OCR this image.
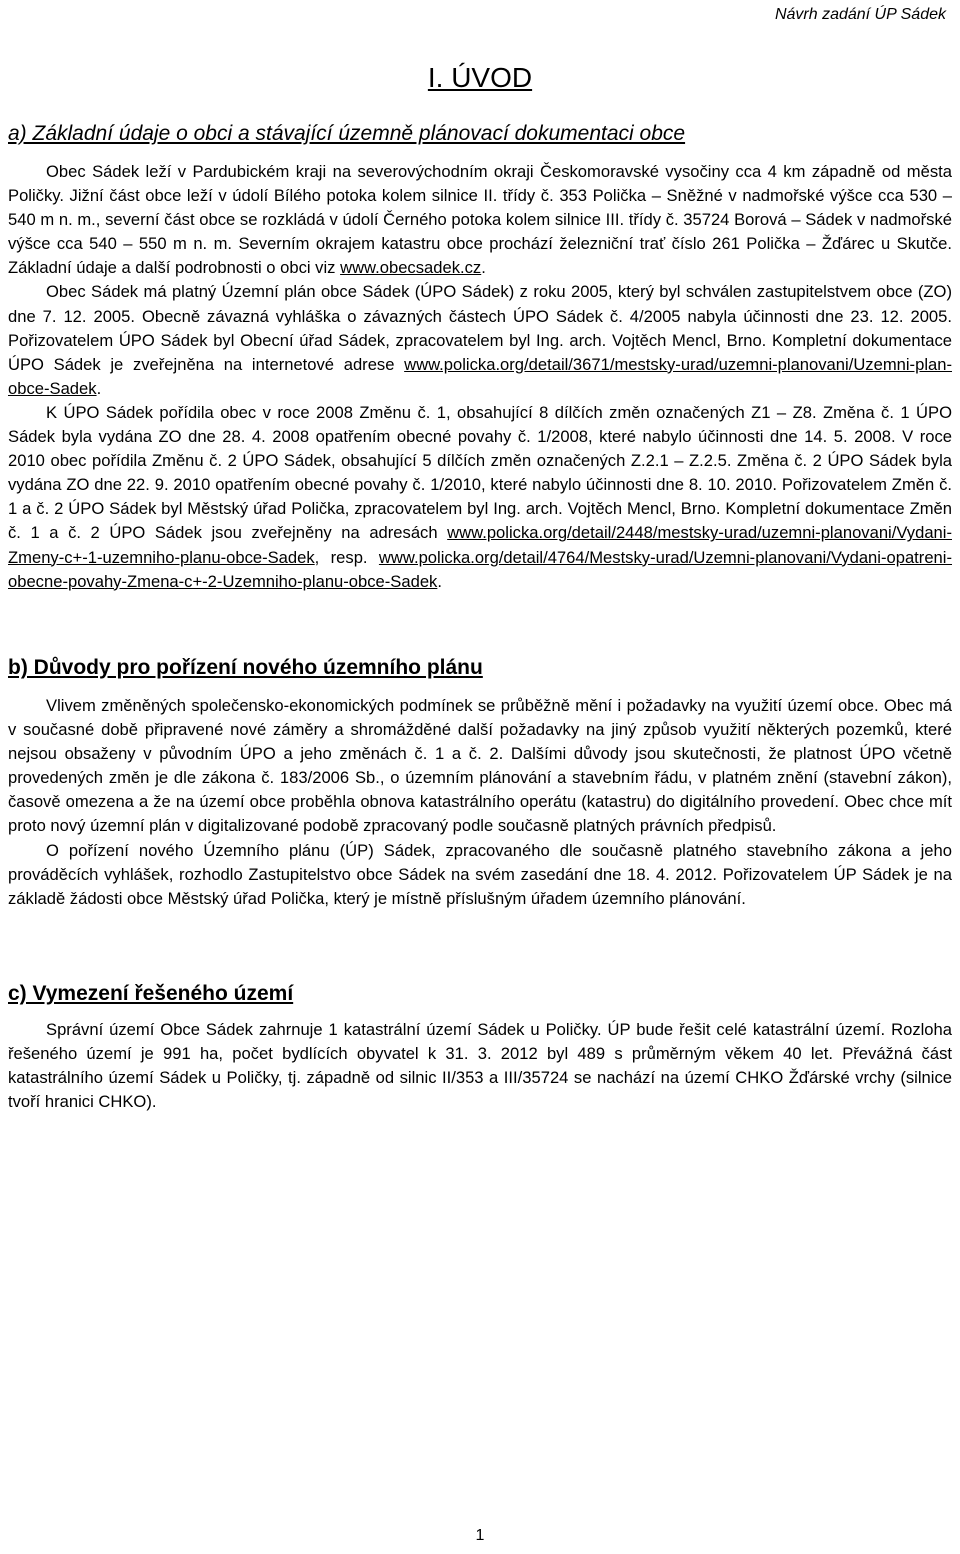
Návrh zadání ÚP Sádek
I. ÚVOD
a) Základní údaje o obci a stávající územně plánovací dokumentaci obce

Obec Sádek leží v Pardubickém kraji na severovýchodním okraji Českomoravské vysočiny cca 4 km západně od města Poličky. Jižní část obce leží v údolí Bílého potoka kolem silnice II. třídy č. 353 Polička – Sněžné v nadmořské výšce cca 530 – 540 m n. m., severní část obce se rozkládá v údolí Černého potoka kolem silnice III. třídy č. 35724 Borová – Sádek v nadmořské výšce cca 540 – 550 m n. m. Severním okrajem katastru obce prochází železniční trať číslo 261 Polička – Žďárec u Skutče. Základní údaje a další podrobnosti o obci viz www.obecsadek.cz.

Obec Sádek má platný Územní plán obce Sádek (ÚPO Sádek) z roku 2005, který byl schválen zastupitelstvem obce (ZO) dne 7. 12. 2005. Obecně závazná vyhláška o závazných částech ÚPO Sádek č. 4/2005 nabyla účinnosti dne 23. 12. 2005. Pořizovatelem ÚPO Sádek byl Obecní úřad Sádek, zpracovatelem byl Ing. arch. Vojtěch Mencl, Brno. Kompletní dokumentace ÚPO Sádek je zveřejněna na internetové adrese www.policka.org/detail/3671/mestsky-urad/uzemni-planovani/Uzemni-plan-obce-Sadek.

K ÚPO Sádek pořídila obec v roce 2008 Změnu č. 1, obsahující 8 dílčích změn označených Z1 – Z8. Změna č. 1 ÚPO Sádek byla vydána ZO dne 28. 4. 2008 opatřením obecné povahy č. 1/2008, které nabylo účinnosti dne 14. 5. 2008. V roce 2010 obec pořídila Změnu č. 2 ÚPO Sádek, obsahující 5 dílčích změn označených Z.2.1 – Z.2.5. Změna č. 2 ÚPO Sádek byla vydána ZO dne 22. 9. 2010 opatřením obecné povahy č. 1/2010, které nabylo účinnosti dne 8. 10. 2010. Pořizovatelem Změn č. 1 a č. 2 ÚPO Sádek byl Městský úřad Polička, zpracovatelem byl Ing. arch. Vojtěch Mencl, Brno. Kompletní dokumentace Změn č. 1 a č. 2 ÚPO Sádek jsou zveřejněny na adresách www.policka.org/detail/2448/mestsky-urad/uzemni-planovani/Vydani-Zmeny-c+-1-uzemniho-planu-obce-Sadek, resp. www.policka.org/detail/4764/Mestsky-urad/Uzemni-planovani/Vydani-opatreni-obecne-povahy-Zmena-c+-2-Uzemniho-planu-obce-Sadek.

b) Důvody pro pořízení nového územního plánu

Vlivem změněných společensko-ekonomických podmínek se průběžně mění i požadavky na využití území obce. Obec má v současné době připravené nové záměry a shromážděné další požadavky na jiný způsob využití některých pozemků, které nejsou obsaženy v původním ÚPO a jeho změnách č. 1 a č. 2. Dalšími důvody jsou skutečnosti, že platnost ÚPO včetně provedených změn je dle zákona č. 183/2006 Sb., o územním plánování a stavebním řádu, v platném znění (stavební zákon), časově omezena a že na území obce proběhla obnova katastrálního operátu (katastru) do digitálního provedení. Obec chce mít proto nový územní plán v digitalizované podobě zpracovaný podle současně platných právních předpisů.

O pořízení nového Územního plánu (ÚP) Sádek, zpracovaného dle současně platného stavebního zákona a jeho prováděcích vyhlášek, rozhodlo Zastupitelstvo obce Sádek na svém zasedání dne 18. 4. 2012. Pořizovatelem ÚP Sádek je na základě žádosti obce Městský úřad Polička, který je místně příslušným úřadem územního plánování.

c) Vymezení řešeného území

Správní území Obce Sádek zahrnuje 1 katastrální území Sádek u Poličky. ÚP bude řešit celé katastrální území. Rozloha řešeného území je 991 ha, počet bydlících obyvatel k 31. 3. 2012 byl 489 s průměrným věkem 40 let. Převážná část katastrálního území Sádek u Poličky, tj. západně od silnic II/353 a III/35724 se nachází na území CHKO Žďárské vrchy (silnice tvoří hranici CHKO).

1
